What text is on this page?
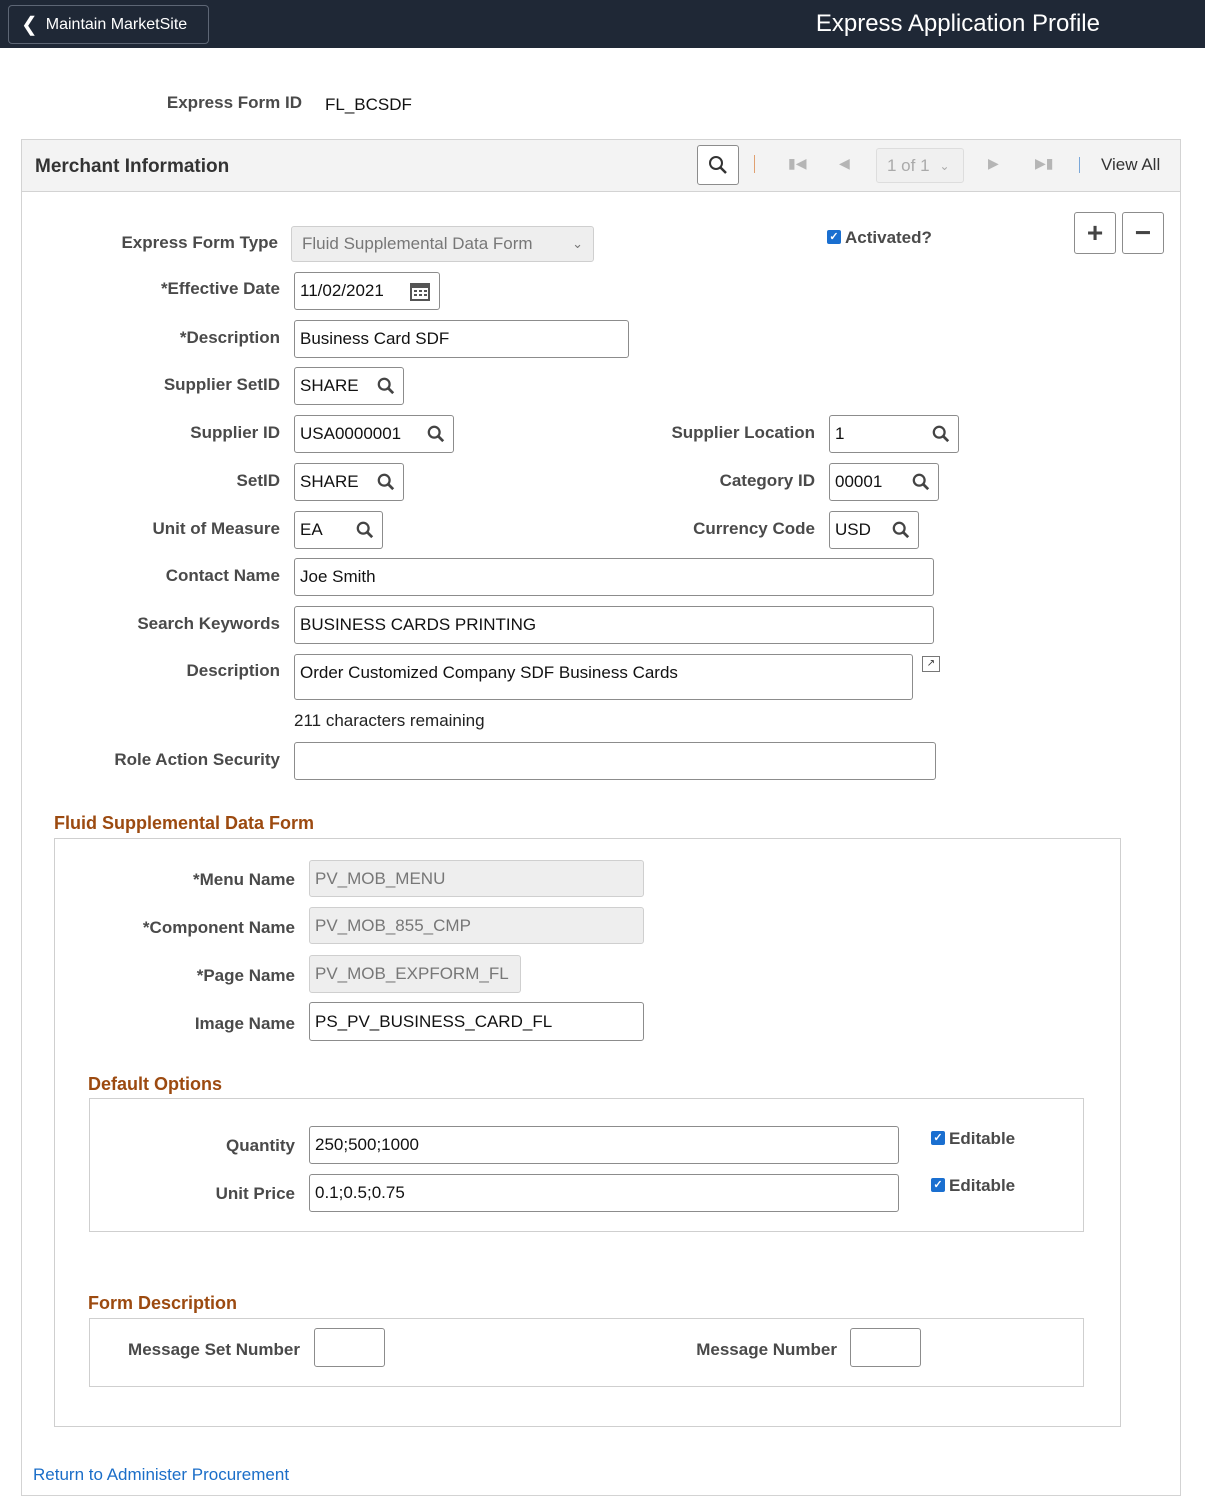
❮ Maintain MarketSite	Express Application Profile
Express Form ID FL_BCSDF
Merchant Information	▮◀ ◀ 1 of 1 ⌄	▶	▶▮	View All
Express Form Type Fluid Supplemental Data Form	⌄	✓ Activated?	+ −
*Effective Date 11/02/2021
*Description Business Card SDF
Supplier SetID SHARE
Supplier ID USA0000001	Supplier Location 1
SetID SHARE	Category ID 00001
Unit of Measure EA	Currency Code USD
Contact Name Joe Smith
Search Keywords BUSINESS CARDS PRINTING
Description Order Customized Company SDF Business Cards	↗
211 characters remaining
Role Action Security
Fluid Supplemental Data Form
*Menu Name PV_MOB_MENU
*Component Name PV_MOB_855_CMP
*Page Name PV_MOB_EXPFORM_FL
Image Name PS_PV_BUSINESS_CARD_FL
Default Options
Quantity 250;500;1000	✓ Editable
Unit Price 0.1;0.5;0.75	✓ Editable
Form Description
Message Set Number	Message Number
Return to Administer Procurement
